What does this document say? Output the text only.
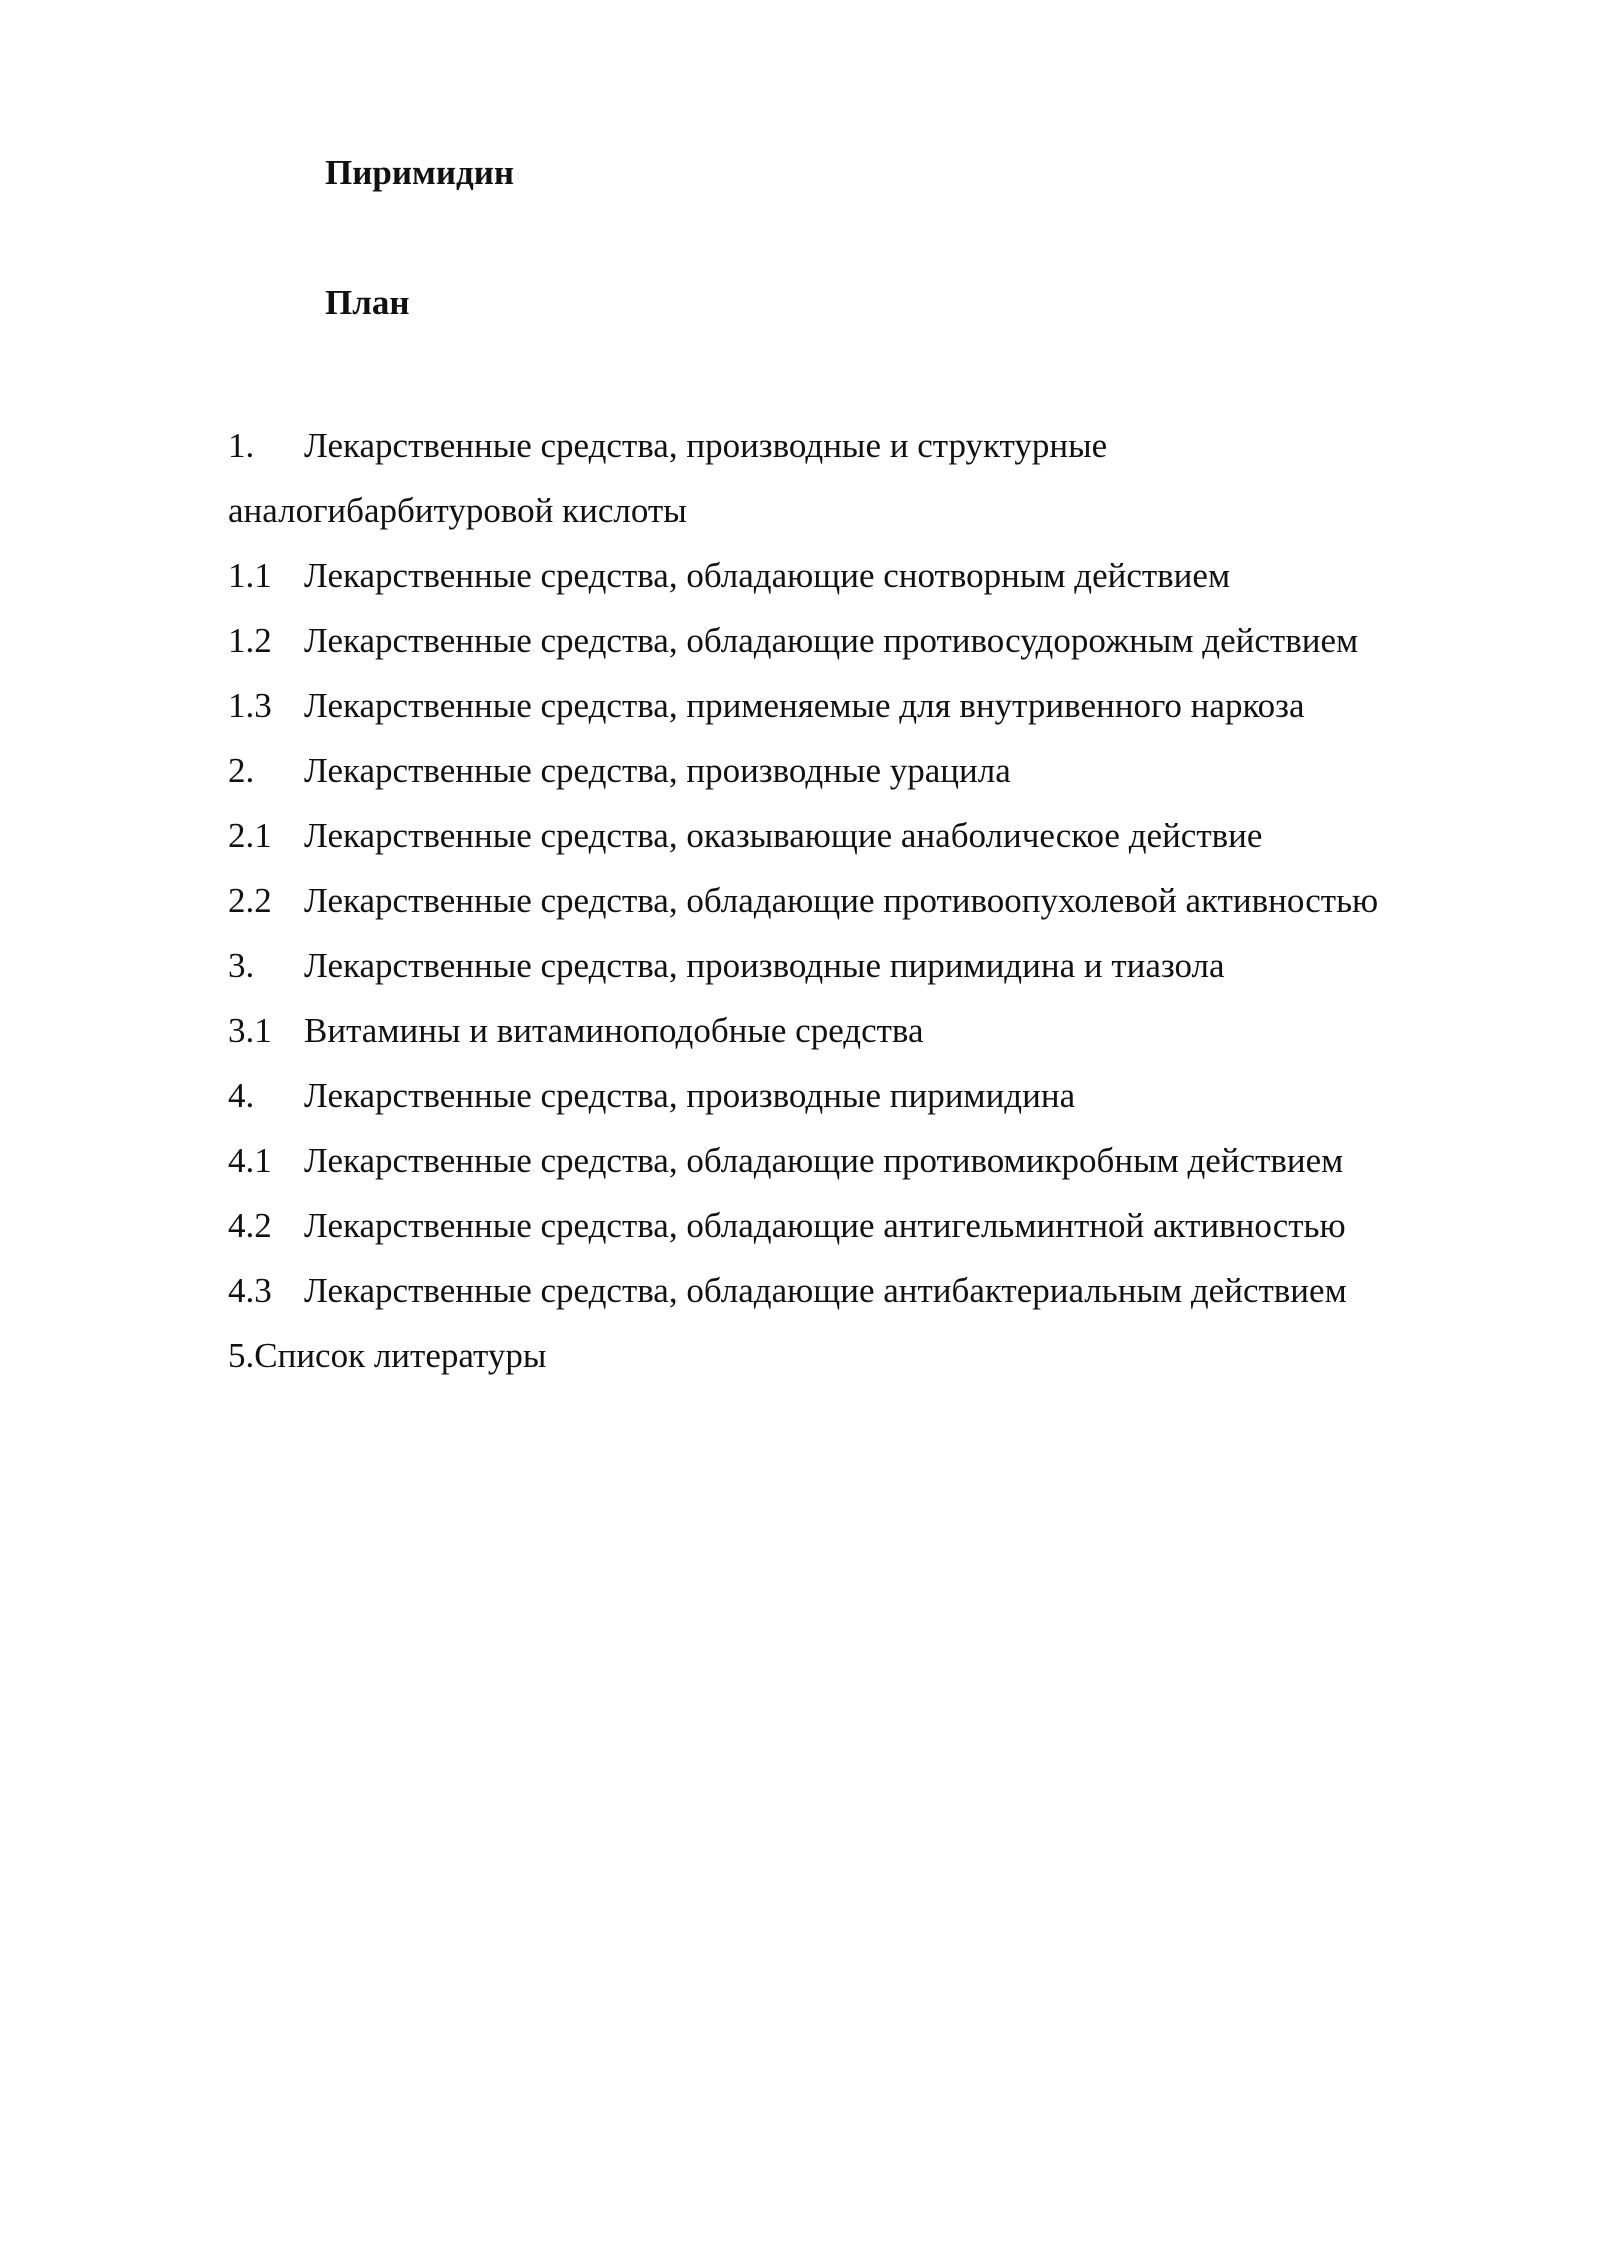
Пиримидин
План
1.	Лекарственные средства, производные и структурные
аналогибарбитуровой кислоты
1.1 Лекарственные средства, обладающие снотворным действием
1.2 Лекарственные средства, обладающие противосудорожным действием
1.3 Лекарственные средства, применяемые для внутривенного наркоза
2.	Лекарственные средства, производные урацила
2.1 Лекарственные средства, оказывающие анаболическое действие
2.2 Лекарственные средства, обладающие противоопухолевой активностью
3.	Лекарственные средства, производные пиримидина и тиазола
3.1 Витамины и витаминоподобные средства
4.	Лекарственные средства, производные пиримидина
4.1 Лекарственные средства, обладающие противомикробным действием
4.2 Лекарственные средства, обладающие антигельминтной активностью
4.3 Лекарственные средства, обладающие антибактериальным действием
5.Список литературы
